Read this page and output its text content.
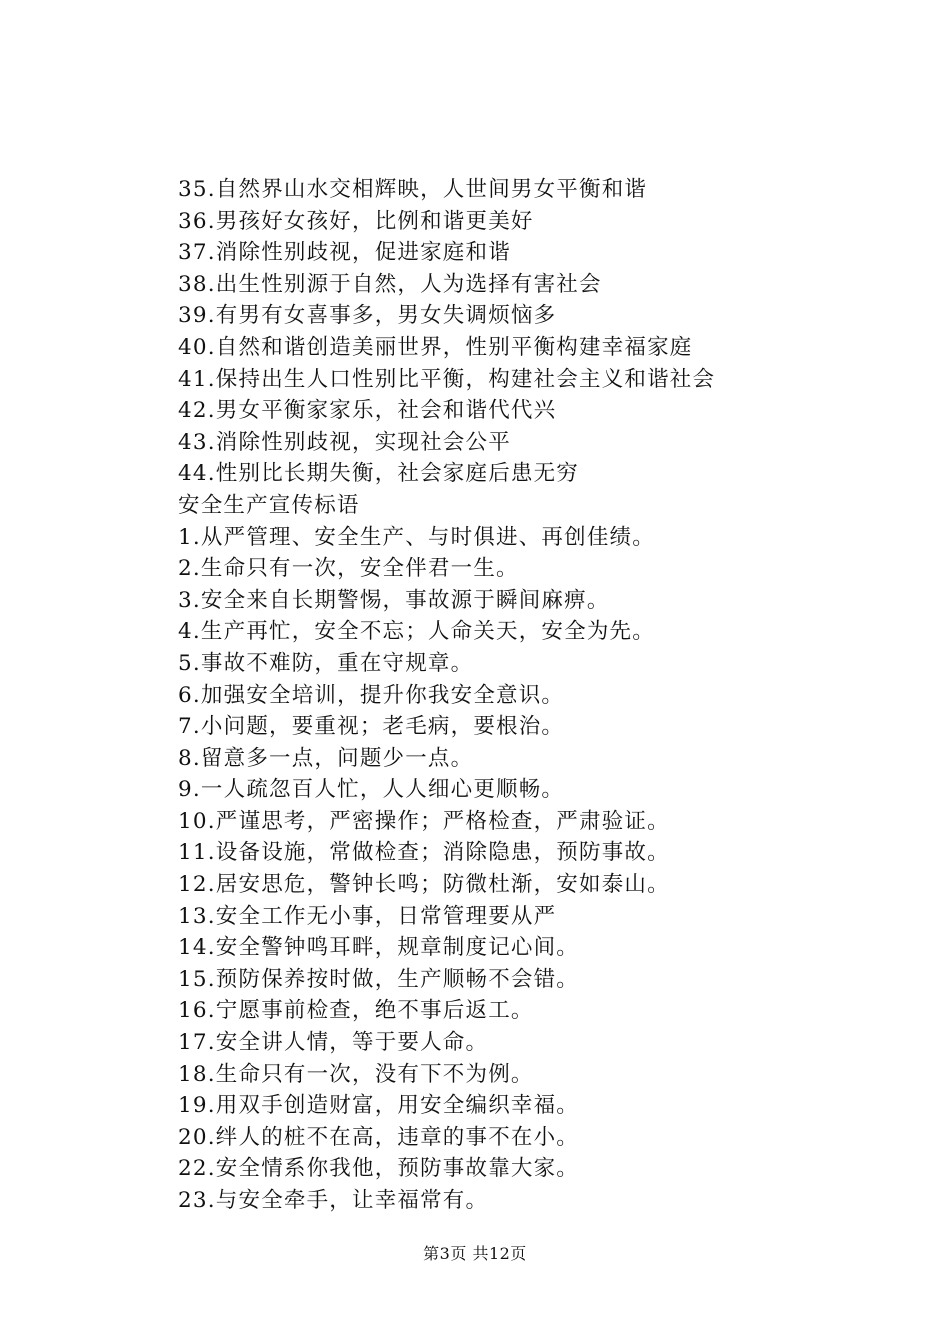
35.自然界山水交相辉映，人世间男女平衡和谐
36.男孩好女孩好，比例和谐更美好
37.消除性别歧视，促进家庭和谐
38.出生性别源于自然，人为选择有害社会
39.有男有女喜事多，男女失调烦恼多
40.自然和谐创造美丽世界，性别平衡构建幸福家庭
41.保持出生人口性别比平衡，构建社会主义和谐社会
42.男女平衡家家乐，社会和谐代代兴
43.消除性别歧视，实现社会公平
44.性别比长期失衡，社会家庭后患无穷
安全生产宣传标语
1.从严管理、安全生产、与时俱进、再创佳绩。
2.生命只有一次，安全伴君一生。
3.安全来自长期警惕，事故源于瞬间麻痹。
4.生产再忙，安全不忘；人命关天，安全为先。
5.事故不难防，重在守规章。
6.加强安全培训，提升你我安全意识。
7.小问题，要重视；老毛病，要根治。
8.留意多一点，问题少一点。
9.一人疏忽百人忙，人人细心更顺畅。
10.严谨思考，严密操作；严格检查，严肃验证。
11.设备设施，常做检查；消除隐患，预防事故。
12.居安思危，警钟长鸣；防微杜渐，安如泰山。
13.安全工作无小事，日常管理要从严
14.安全警钟鸣耳畔，规章制度记心间。
15.预防保养按时做，生产顺畅不会错。
16.宁愿事前检查，绝不事后返工。
17.安全讲人情，等于要人命。
18.生命只有一次，没有下不为例。
19.用双手创造财富，用安全编织幸福。
20.绊人的桩不在高，违章的事不在小。
22.安全情系你我他，预防事故靠大家。
23.与安全牵手，让幸福常有。
第3页 共12页
